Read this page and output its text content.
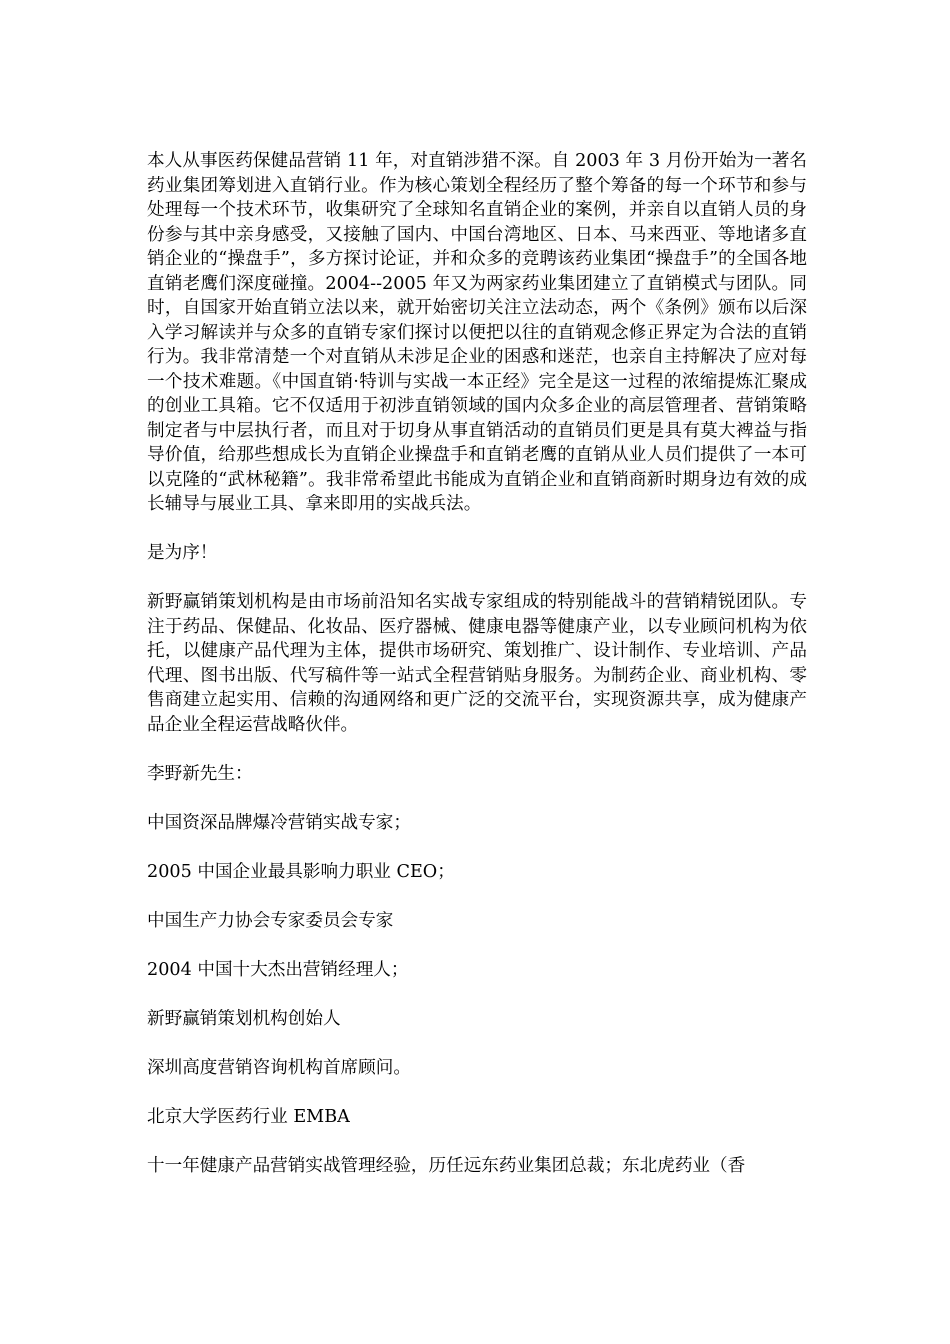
本人从事医药保健品营销 11 年，对直销涉猎不深。自 2003 年 3 月份开始为一著名药业集团筹划进入直销行业。作为核心策划全程经历了整个筹备的每一个环节和参与处理每一个技术环节，收集研究了全球知名直销企业的案例，并亲自以直销人员的身份参与其中亲身感受，又接触了国内、中国台湾地区、日本、马来西亚、等地诸多直销企业的“操盘手”，多方探讨论证，并和众多的竞聘该药业集团“操盘手”的全国各地直销老鹰们深度碰撞。2004--2005 年又为两家药业集团建立了直销模式与团队。同时，自国家开始直销立法以来，就开始密切关注立法动态，两个《条例》颁布以后深入学习解读并与众多的直销专家们探讨以便把以往的直销观念修正界定为合法的直销行为。我非常清楚一个对直销从未涉足企业的困惑和迷茫，也亲自主持解决了应对每一个技术难题。《中国直销·特训与实战一本正经》完全是这一过程的浓缩提炼汇聚成的创业工具箱。它不仅适用于初涉直销领域的国内众多企业的高层管理者、营销策略制定者与中层执行者，而且对于切身从事直销活动的直销员们更是具有莫大裨益与指导价值，给那些想成长为直销企业操盘手和直销老鹰的直销从业人员们提供了一本可以克隆的“武林秘籍”。我非常希望此书能成为直销企业和直销商新时期身边有效的成长辅导与展业工具、拿来即用的实战兵法。

是为序！

新野赢销策划机构是由市场前沿知名实战专家组成的特别能战斗的营销精锐团队。专注于药品、保健品、化妆品、医疗器械、健康电器等健康产业，以专业顾问机构为依托，以健康产品代理为主体，提供市场研究、策划推广、设计制作、专业培训、产品代理、图书出版、代写稿件等一站式全程营销贴身服务。为制药企业、商业机构、零售商建立起实用、信赖的沟通网络和更广泛的交流平台，实现资源共享，成为健康产品企业全程运营战略伙伴。

李野新先生：

中国资深品牌爆冷营销实战专家；

2005 中国企业最具影响力职业 CEO；

中国生产力协会专家委员会专家

2004 中国十大杰出营销经理人；

新野赢销策划机构创始人

深圳高度营销咨询机构首席顾问。

北京大学医药行业 EMBA

十一年健康产品营销实战管理经验，历任远东药业集团总裁；东北虎药业（香
